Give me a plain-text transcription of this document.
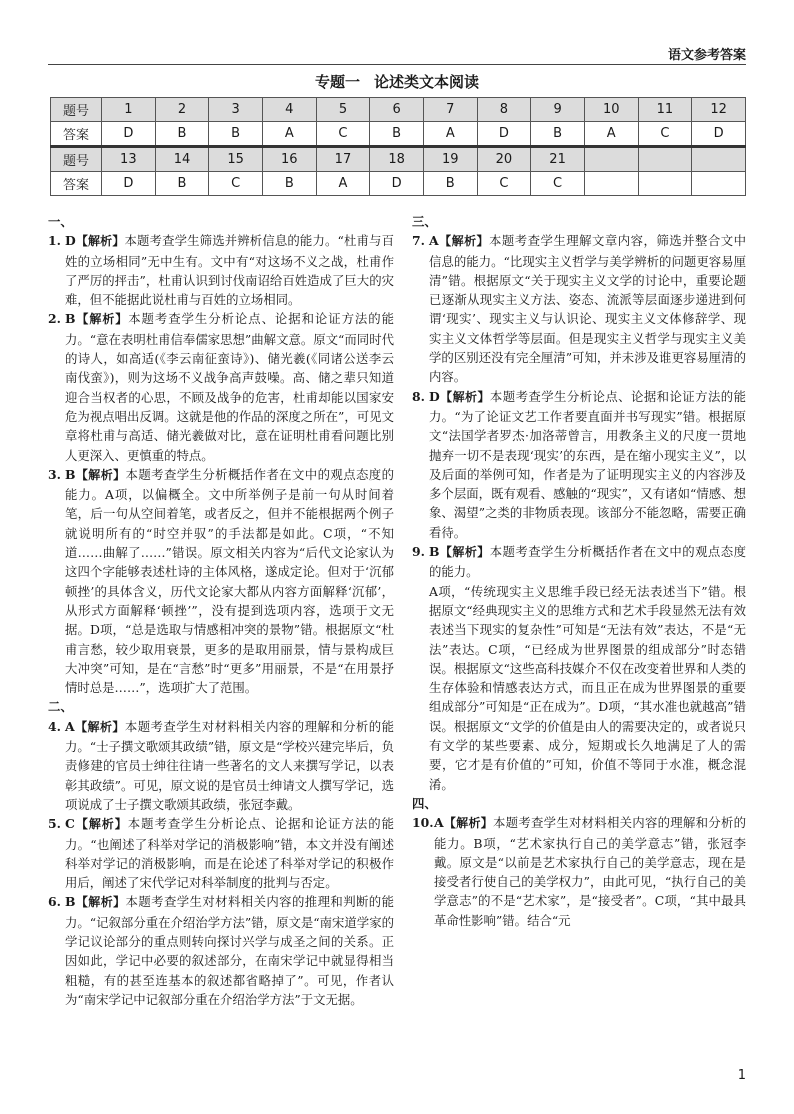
语文参考答案
专题一 论述类文本阅读
题号	1	2	3	4	5	6	7	8	9	10	11	12
答案	D	B	B	A	C	B	A	D	B	A	C	D
题号	13	14	15	16	17	18	19	20	21			
答案	D	B	C	B	A	D	B	C	C			
一、
1. D【解析】本题考查学生筛选并辨析信息的能力。“杜甫与百姓的立场相同”无中生有。文中有“对这场不义之战，杜甫作了严厉的抨击”，杜甫认识到讨伐南诏给百姓造成了巨大的灾难，但不能据此说杜甫与百姓的立场相同。
2. B【解析】本题考查学生分析论点、论据和论证方法的能力。“意在表明杜甫信奉儒家思想”曲解文意。原文“而同时代的诗人，如高适(《李云南征蛮诗》)、储光羲(《同诸公送李云南伐蛮》)，则为这场不义战争高声鼓噪。高、储之辈只知道迎合当权者的心思，不顾及战争的危害，杜甫却能以国家安危为视点唱出反调。这就是他的作品的深度之所在”，可见文章将杜甫与高适、储光羲做对比，意在证明杜甫看问题比别人更深入、更慎重的特点。
3. B【解析】本题考查学生分析概括作者在文中的观点态度的能力。A项，以偏概全。文中所举例子是前一句从时间着笔，后一句从空间着笔，或者反之，但并不能根据两个例子就说明所有的“时空并驭”的手法都是如此。C项，“不知道……曲解了……”错误。原文相关内容为“后代文论家认为这四个字能够表述杜诗的主体风格，遂成定论。但对于‘沉郁顿挫’的具体含义，历代文论家大都从内容方面解释‘沉郁’，从形式方面解释‘顿挫’”，没有提到选项内容，选项于文无据。D项，“总是选取与情感相冲突的景物”错。根据原文“杜甫言愁，较少取用衰景，更多的是取用丽景，情与景构成巨大冲突”可知，是在“言愁”时“更多”用丽景，不是“在用景抒情时总是……”，选项扩大了范围。
二、
4. A【解析】本题考查学生对材料相关内容的理解和分析的能力。“士子撰文歌颂其政绩”错，原文是“学校兴建完毕后，负责修建的官员士绅往往请一些著名的文人来撰写学记，以表彰其政绩”。可见，原文说的是官员士绅请文人撰写学记，选项说成了士子撰文歌颂其政绩，张冠李戴。
5. C【解析】本题考查学生分析论点、论据和论证方法的能力。“也阐述了科举对学记的消极影响”错，本文并没有阐述科举对学记的消极影响，而是在论述了科举对学记的积极作用后，阐述了宋代学记对科举制度的批判与否定。
6. B【解析】本题考查学生对材料相关内容的推理和判断的能力。“记叙部分重在介绍治学方法”错，原文是“南宋道学家的学记议论部分的重点则转向探讨兴学与成圣之间的关系。正因如此，学记中必要的叙述部分，在南宋学记中就显得相当粗糙，有的甚至连基本的叙述都省略掉了”。可见，作者认为“南宋学记中记叙部分重在介绍治学方法”于文无据。
三、
7. A【解析】本题考查学生理解文章内容，筛选并整合文中信息的能力。“比现实主义哲学与美学辨析的问题更容易厘清”错。根据原文“关于现实主义文学的讨论中，重要论题已逐渐从现实主义方法、姿态、流派等层面逐步递进到何谓‘现实’、现实主义与认识论、现实主义文体修辞学、现实主义文体哲学等层面。但是现实主义哲学与现实主义美学的区别还没有完全厘清”可知，并未涉及谁更容易厘清的内容。
8. D【解析】本题考查学生分析论点、论据和论证方法的能力。“为了论证文艺工作者要直面并书写现实”错。根据原文“法国学者罗杰·加洛蒂曾言，用教条主义的尺度一贯地抛弃一切不是表现‘现实’的东西，是在缩小现实主义”，以及后面的举例可知，作者是为了证明现实主义的内容涉及多个层面，既有观看、感触的“现实”，又有诸如“情感、想象、渴望”之类的非物质表现。该部分不能忽略，需要正确看待。
9. B【解析】本题考查学生分析概括作者在文中的观点态度的能力。

A项，“传统现实主义思维手段已经无法表述当下”错。根据原文“经典现实主义的思维方式和艺术手段显然无法有效表述当下现实的复杂性”可知是“无法有效”表达，不是“无法”表达。C项，“已经成为世界图景的组成部分”时态错误。根据原文“这些高科技媒介不仅在改变着世界和人类的生存体验和情感表达方式，而且正在成为世界图景的重要组成部分”可知是“正在成为”。D项，“其水准也就越高”错误。根据原文“文学的价值是由人的需要决定的，或者说只有文学的某些要素、成分，短期或长久地满足了人的需要，它才是有价值的”可知，价值不等同于水准，概念混淆。

四、
10. A【解析】本题考查学生对材料相关内容的理解和分析的能力。B项，“艺术家执行自己的美学意志”错，张冠李戴。原文是“以前是艺术家执行自己的美学意志，现在是接受者行使自己的美学权力”，由此可见，“执行自己的美学意志”的不是“艺术家”，是“接受者”。C项，“其中最具革命性影响”错。结合“元
1
